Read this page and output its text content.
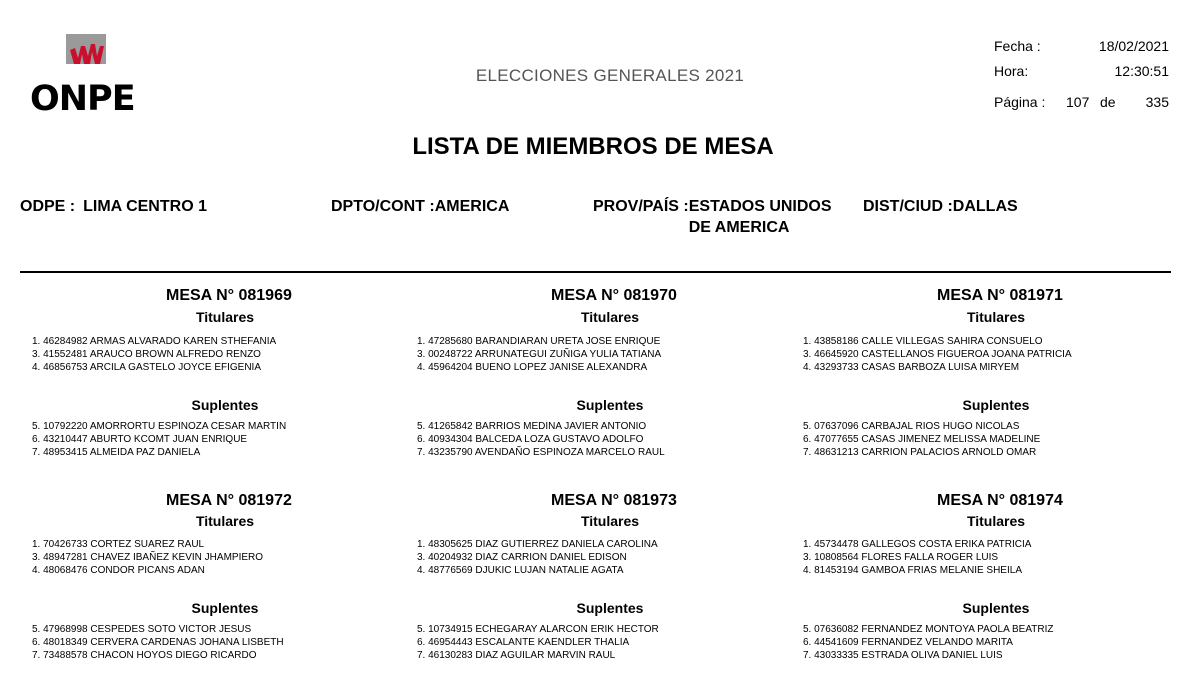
ONPE
ELECCIONES GENERALES 2021
Fecha :	18/02/2021
Hora:	12:30:51
Página : 107 de 335
LISTA DE MIEMBROS DE MESA
ODPE : LIMA CENTRO 1	DPTO/CONT :AMERICA	PROV/PAÍS :ESTADOS UNIDOS DE AMERICA
DIST/CIUD :DALLAS
MESA N° 081969
Titulares
1. 46284982 ARMAS ALVARADO KAREN STHEFANIA
3. 41552481 ARAUCO BROWN ALFREDO RENZO
4. 46856753 ARCILA GASTELO JOYCE EFIGENIA
Suplentes
5. 10792220 AMORRORTU ESPINOZA CESAR MARTIN
6. 43210447 ABURTO KCOMT JUAN ENRIQUE
7. 48953415 ALMEIDA PAZ DANIELA
MESA N° 081970
Titulares
1. 47285680 BARANDIARAN URETA JOSE ENRIQUE
3. 00248722 ARRUNATEGUI ZUÑIGA YULIA TATIANA
4. 45964204 BUENO LOPEZ JANISE ALEXANDRA
Suplentes
5. 41265842 BARRIOS MEDINA JAVIER ANTONIO
6. 40934304 BALCEDA LOZA GUSTAVO ADOLFO
7. 43235790 AVENDAÑO ESPINOZA MARCELO RAUL
MESA N° 081971
Titulares
1. 43858186 CALLE VILLEGAS SAHIRA CONSUELO
3. 46645920 CASTELLANOS FIGUEROA JOANA PATRICIA
4. 43293733 CASAS BARBOZA LUISA MIRYEM
Suplentes
5. 07637096 CARBAJAL RIOS HUGO NICOLAS
6. 47077655 CASAS JIMENEZ MELISSA MADELINE
7. 48631213 CARRION PALACIOS ARNOLD OMAR
MESA N° 081972
Titulares
1. 70426733 CORTEZ SUAREZ RAUL
3. 48947281 CHAVEZ IBAÑEZ KEVIN JHAMPIERO
4. 48068476 CONDOR PICANS ADAN
Suplentes
5. 47968998 CESPEDES SOTO VICTOR JESUS
6. 48018349 CERVERA CARDENAS JOHANA LISBETH
7. 73488578 CHACON HOYOS DIEGO RICARDO
MESA N° 081973
Titulares
1. 48305625 DIAZ GUTIERREZ DANIELA CAROLINA
3. 40204932 DIAZ CARRION DANIEL EDISON
4. 48776569 DJUKIC LUJAN NATALIE AGATA
Suplentes
5. 10734915 ECHEGARAY ALARCON ERIK HECTOR
6. 46954443 ESCALANTE KAENDLER THALIA
7. 46130283 DIAZ AGUILAR MARVIN RAUL
MESA N° 081974
Titulares
1. 45734478 GALLEGOS COSTA ERIKA PATRICIA
3. 10808564 FLORES FALLA ROGER LUIS
4. 81453194 GAMBOA FRIAS MELANIE SHEILA
Suplentes
5. 07636082 FERNANDEZ MONTOYA PAOLA BEATRIZ
6. 44541609 FERNANDEZ VELANDO MARITA
7. 43033335 ESTRADA OLIVA DANIEL LUIS
